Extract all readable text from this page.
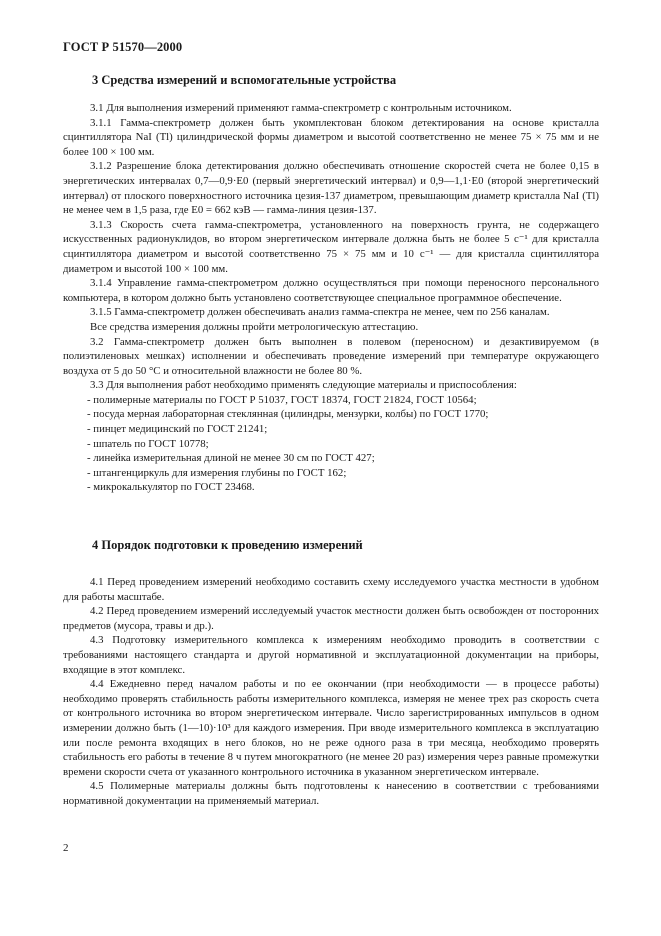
ГОСТ Р 51570—2000
3 Средства измерений и вспомогательные устройства

3.1 Для выполнения измерений применяют гамма-спектрометр с контрольным источником.

3.1.1 Гамма-спектрометр должен быть укомплектован блоком детектирования на основе кристалла сцинтиллятора NaI (Tl) цилиндрической формы диаметром и высотой соответственно не менее 75 × 75 мм и не более 100 × 100 мм.

3.1.2 Разрешение блока детектирования должно обеспечивать отношение скоростей счета не более 0,15 в энергетических интервалах 0,7—0,9·E0 (первый энергетический интервал) и 0,9—1,1·E0 (второй энергетический интервал) от плоского поверхностного источника цезия-137 диаметром, превышающим диаметр кристалла NaI (Tl) не менее чем в 1,5 раза, где E0 = 662 кэВ — гамма-линия цезия-137.

3.1.3 Скорость счета гамма-спектрометра, установленного на поверхность грунта, не содержащего искусственных радионуклидов, во втором энергетическом интервале должна быть не более 5 с⁻¹ для кристалла сцинтиллятора диаметром и высотой соответственно 75 × 75 мм и 10 с⁻¹ — для кристалла сцинтиллятора диаметром и высотой 100 × 100 мм.

3.1.4 Управление гамма-спектрометром должно осуществляться при помощи переносного персонального компьютера, в котором должно быть установлено соответствующее специальное программное обеспечение.

3.1.5 Гамма-спектрометр должен обеспечивать анализ гамма-спектра не менее, чем по 256 каналам.

Все средства измерения должны пройти метрологическую аттестацию.

3.2 Гамма-спектрометр должен быть выполнен в полевом (переносном) и дезактивируемом (в полиэтиленовых мешках) исполнении и обеспечивать проведение измерений при температуре окружающего воздуха от 5 до 50 °С и относительной влажности не более 80 %.

3.3 Для выполнения работ необходимо применять следующие материалы и приспособления:

- полимерные материалы по ГОСТ Р 51037, ГОСТ 18374, ГОСТ 21824, ГОСТ 10564;

- посуда мерная лабораторная стеклянная (цилиндры, мензурки, колбы) по ГОСТ 1770;

- пинцет медицинский по ГОСТ 21241;

- шпатель по ГОСТ 10778;

- линейка измерительная длиной не менее 30 см по ГОСТ 427;

- штангенциркуль для измерения глубины по ГОСТ 162;

- микрокалькулятор по ГОСТ 23468.

4 Порядок подготовки к проведению измерений

4.1 Перед проведением измерений необходимо составить схему исследуемого участка местности в удобном для работы масштабе.

4.2 Перед проведением измерений исследуемый участок местности должен быть освобожден от посторонних предметов (мусора, травы и др.).

4.3 Подготовку измерительного комплекса к измерениям необходимо проводить в соответствии с требованиями настоящего стандарта и другой нормативной и эксплуатационной документации на приборы, входящие в этот комплекс.

4.4 Ежедневно перед началом работы и по ее окончании (при необходимости — в процессе работы) необходимо проверять стабильность работы измерительного комплекса, измеряя не менее трех раз скорость счета от контрольного источника во втором энергетическом интервале. Число зарегистрированных импульсов в одном измерении должно быть (1—10)·10³ для каждого измерения. При вводе измерительного комплекса в эксплуатацию или после ремонта входящих в него блоков, но не реже одного раза в три месяца, необходимо проверять стабильность его работы в течение 8 ч путем многократного (не менее 20 раз) измерения через равные промежутки времени скорости счета от указанного контрольного источника в указанном энергетическом интервале.

4.5 Полимерные материалы должны быть подготовлены к нанесению в соответствии с требованиями нормативной документации на применяемый материал.

2
